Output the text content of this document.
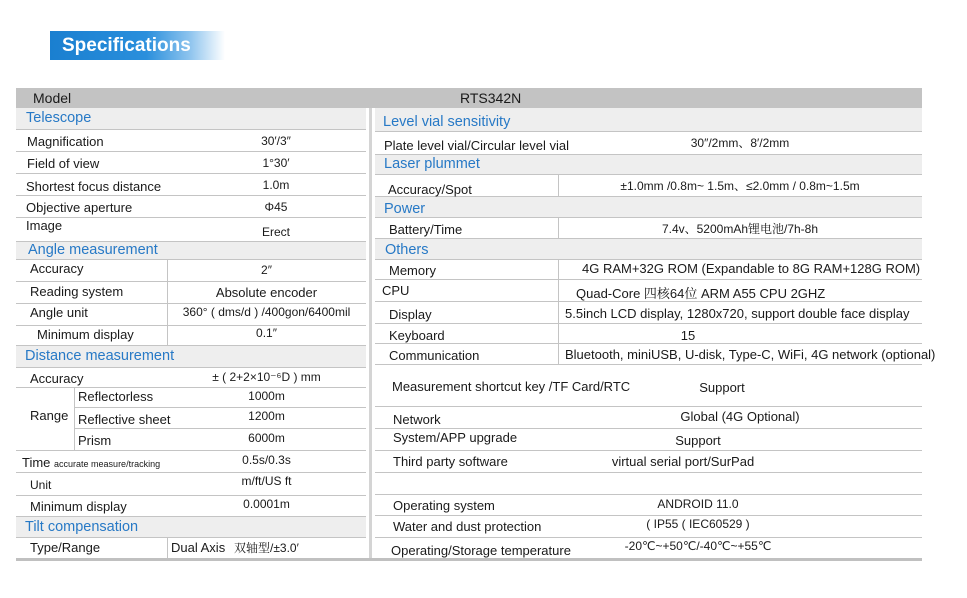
Specifications
Model	RTS342N
Telescope
Magnification	30′/3″
Field of view	1°30′
Shortest focus distance	1.0m
Objective aperture	Φ45
Image	Erect
Angle measurement
Accuracy	2″
Reading system	Absolute encoder
Angle unit	360° ( dms/d ) /400gon/6400mil
Minimum display	0.1″
Distance measurement
Accuracy	± ( 2+2×10⁻⁶D ) mm
Range
Reflectorless	1000m
Reflective sheet	1200m
Prism	6000m
Time accurate measure/tracking	0.5s/0.3s
Unit	m/ft/US ft
Minimum display	0.0001m
Tilt compensation
Type/Range	Dual Axis 双轴型/±3.0′
Level vial sensitivity
Plate level vial/Circular level vial	30″/2mm、8′/2mm
Laser plummet
Accuracy/Spot	±1.0mm /0.8m~ 1.5m、≤2.0mm / 0.8m~1.5m
Power
Battery/Time	7.4v、5200mAh锂电池/7h-8h
Others
Memory	4G RAM+32G ROM (Expandable to 8G RAM+128G ROM)
CPU	Quad-Core 四核64位 ARM A55 CPU 2GHZ
Display	5.5inch LCD display, 1280x720, support double face display
Keyboard	15
Communication	Bluetooth, miniUSB, U-disk, Type-C, WiFi, 4G network (optional)
Measurement shortcut key /TF Card/RTC	Support
Network	Global (4G Optional)
System/APP upgrade	Support
Third party software	virtual serial port/SurPad
Operating system	ANDROID 11.0
Water and dust protection	( IP55 ( IEC60529 )
Operating/Storage temperature	-20℃~+50℃/-40℃~+55℃
